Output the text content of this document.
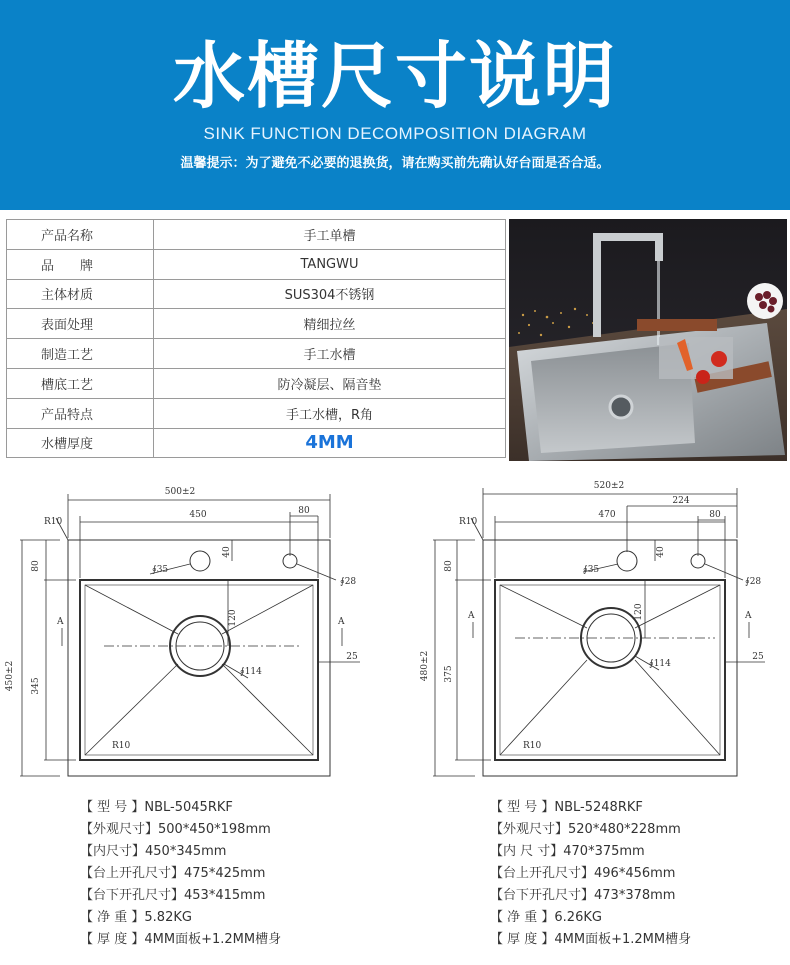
水槽尺寸说明
SINK FUNCTION DECOMPOSITION DIAGRAM
温馨提示：为了避免不必要的退换货，请在购买前先确认好台面是否合适。
产品名称	手工单槽
品　　牌	TANGWU
主体材质	SUS304不锈钢
表面处理	精细拉丝
制造工艺	手工水槽
槽底工艺	防冷凝层、隔音垫
产品特点	手工水槽，R角
水槽厚度	4MM
500±2
450	80
450±2
80
345
40
120
25
∮35
∮28
∮114
R10
R10
A	A
520±2
470
224
80
480±2
80
375
40
120
25
∮35
∮28
∮114
R10
R10
A	A
【 型 号 】NBL-5045RKF
【外观尺寸】500*450*198mm
【内尺寸】450*345mm
【台上开孔尺寸】475*425mm
【台下开孔尺寸】453*415mm
【 净 重 】5.82KG
【 厚 度 】4MM面板+1.2MM槽身
【 型 号 】NBL-5248RKF
【外观尺寸】520*480*228mm
【内 尺 寸】470*375mm
【台上开孔尺寸】496*456mm
【台下开孔尺寸】473*378mm
【 净 重 】6.26KG
【 厚 度 】4MM面板+1.2MM槽身
